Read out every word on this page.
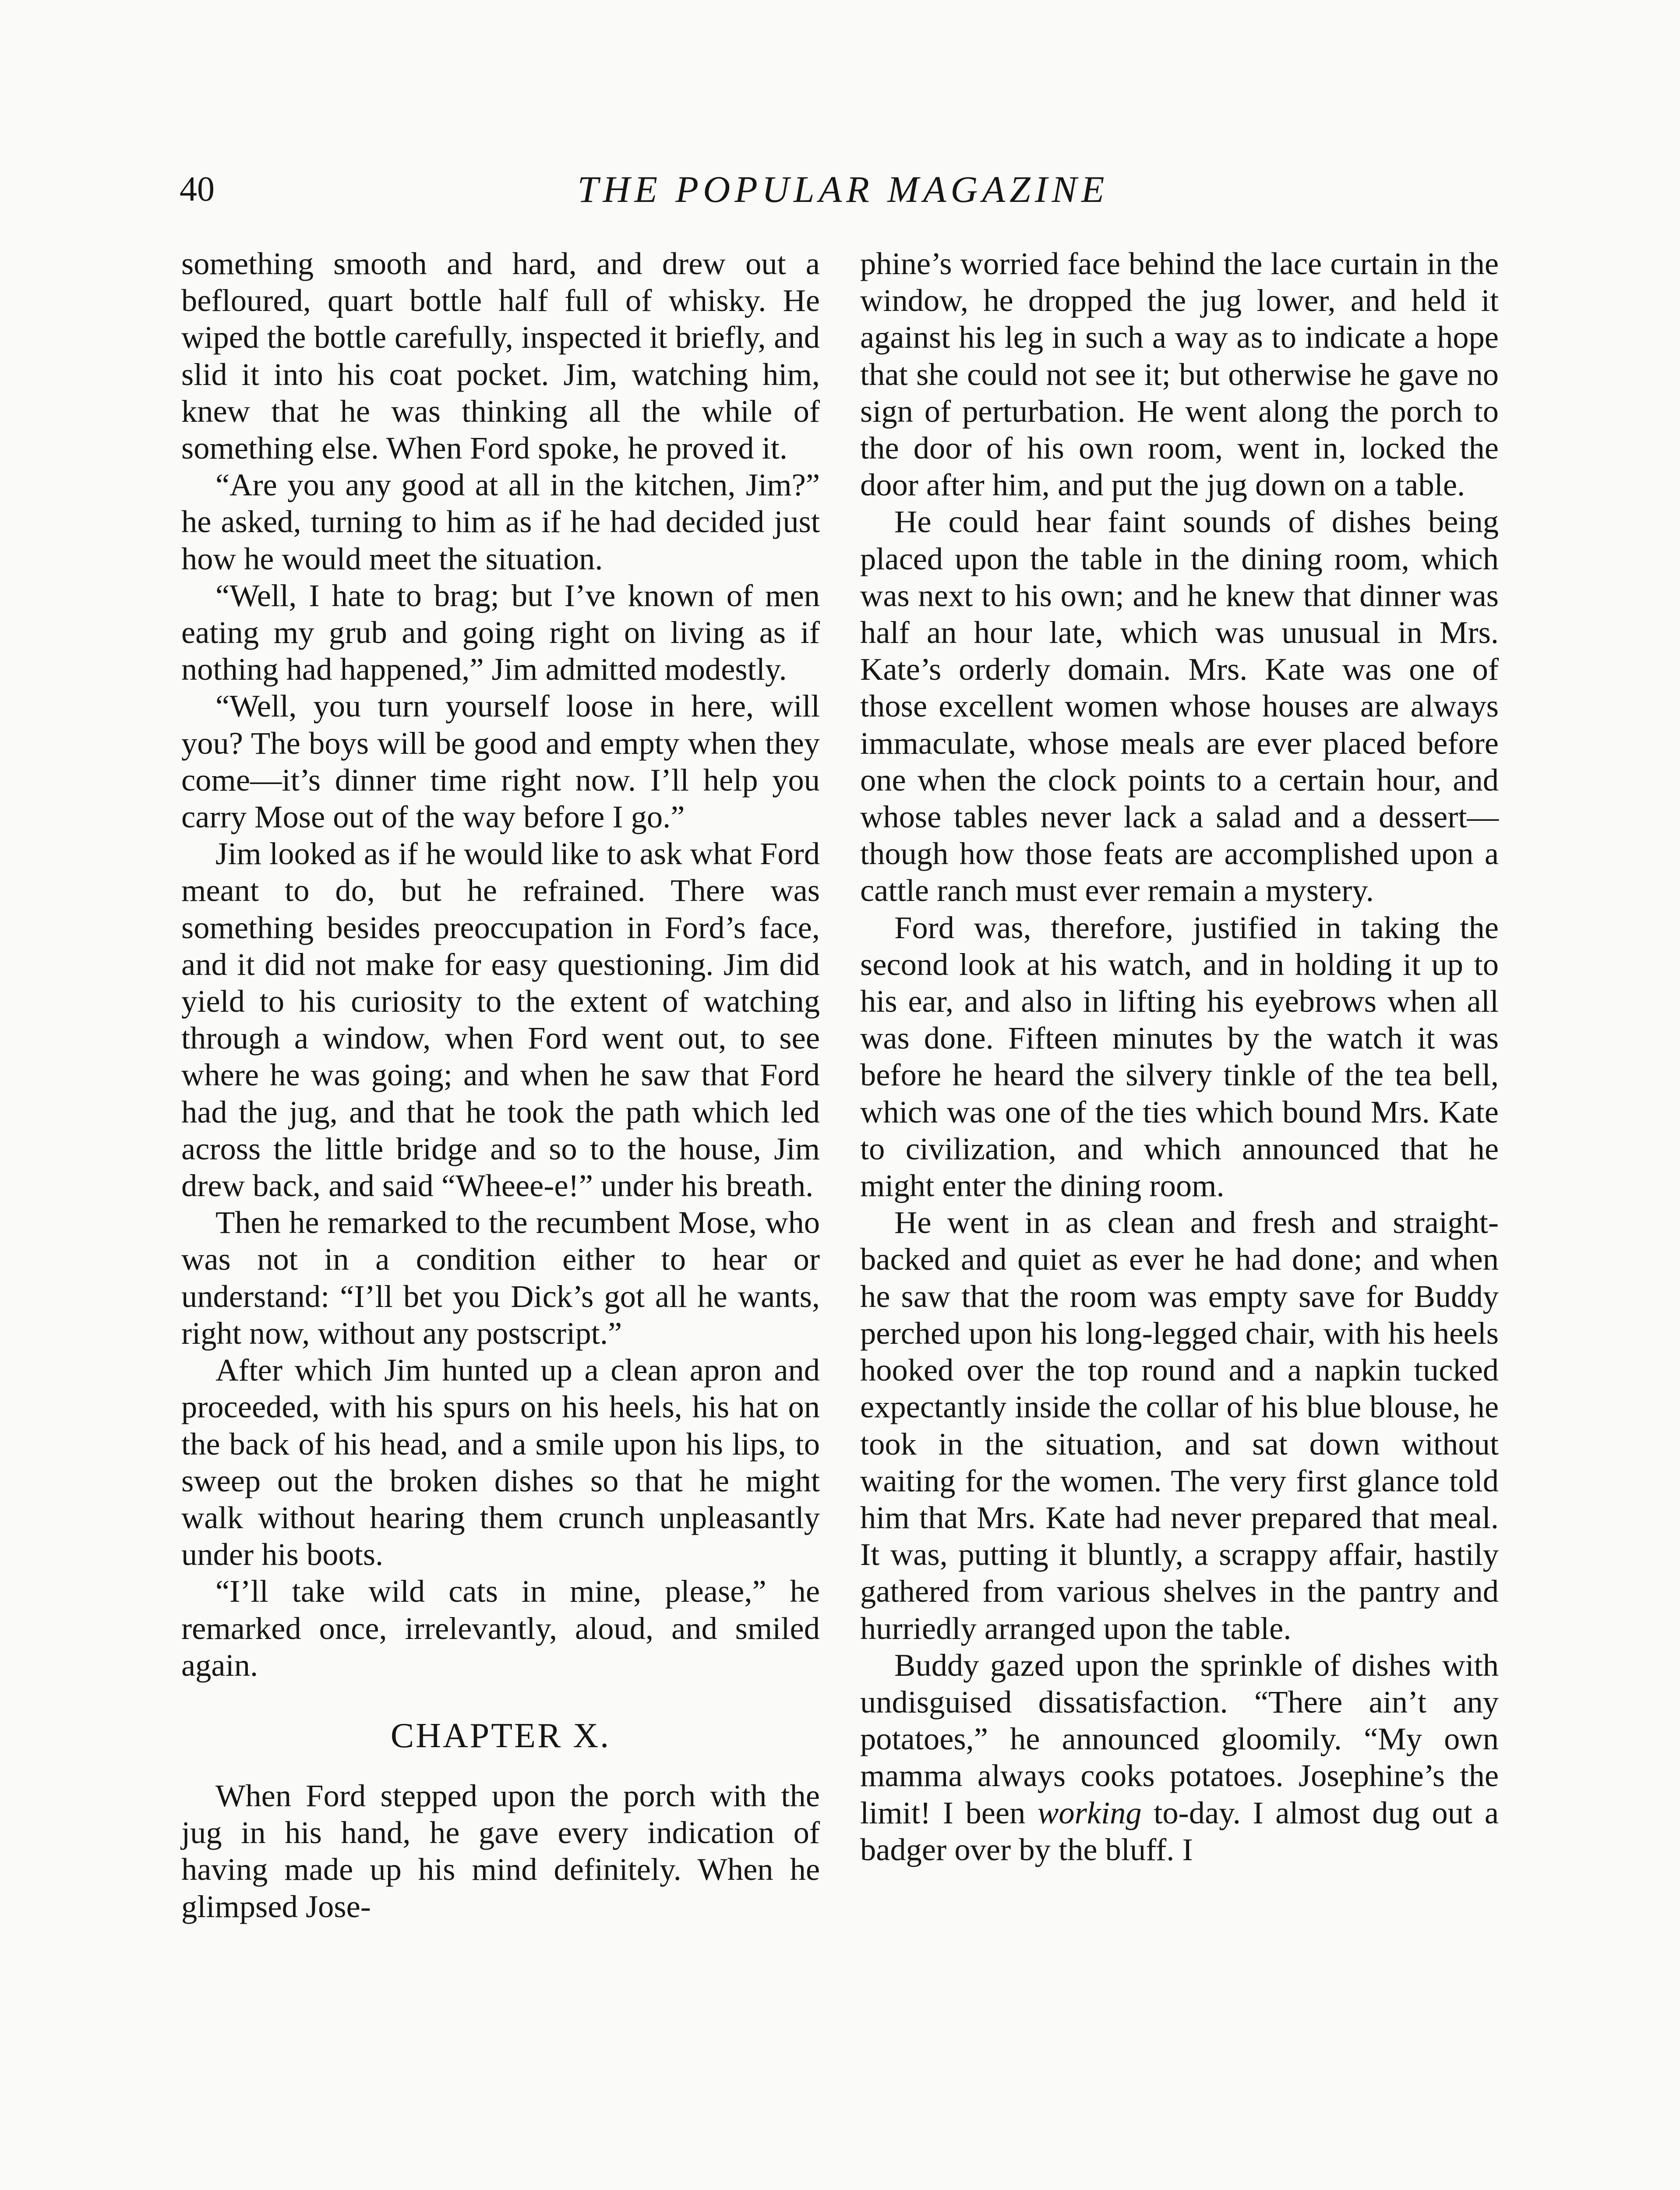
40	THE POPULAR MAGAZINE

something smooth and hard, and drew out a befloured, quart bottle half full of whisky. He wiped the bottle carefully, inspected it briefly, and slid it into his coat pocket. Jim, watching him, knew that he was thinking all the while of something else. When Ford spoke, he proved it.

“Are you any good at all in the kitchen, Jim?” he asked, turning to him as if he had decided just how he would meet the situation.

“Well, I hate to brag; but I’ve known of men eating my grub and going right on living as if nothing had happened,” Jim admitted modestly.

“Well, you turn yourself loose in here, will you? The boys will be good and empty when they come—it’s dinner time right now. I’ll help you carry Mose out of the way before I go.”

Jim looked as if he would like to ask what Ford meant to do, but he refrained. There was something besides preoccupation in Ford’s face, and it did not make for easy questioning. Jim did yield to his curiosity to the extent of watching through a window, when Ford went out, to see where he was going; and when he saw that Ford had the jug, and that he took the path which led across the little bridge and so to the house, Jim drew back, and said “Wheee-e!” under his breath.

Then he remarked to the recumbent Mose, who was not in a condition either to hear or understand: “I’ll bet you Dick’s got all he wants, right now, without any postscript.”

After which Jim hunted up a clean apron and proceeded, with his spurs on his heels, his hat on the back of his head, and a smile upon his lips, to sweep out the broken dishes so that he might walk without hearing them crunch unpleasantly under his boots.

“I’ll take wild cats in mine, please,” he remarked once, irrelevantly, aloud, and smiled again.

CHAPTER X.

When Ford stepped upon the porch with the jug in his hand, he gave every indication of having made up his mind definitely. When he glimpsed Jose-

phine’s worried face behind the lace curtain in the window, he dropped the jug lower, and held it against his leg in such a way as to indicate a hope that she could not see it; but otherwise he gave no sign of perturbation. He went along the porch to the door of his own room, went in, locked the door after him, and put the jug down on a table.

He could hear faint sounds of dishes being placed upon the table in the dining room, which was next to his own; and he knew that dinner was half an hour late, which was unusual in Mrs. Kate’s orderly domain. Mrs. Kate was one of those excellent women whose houses are always immaculate, whose meals are ever placed before one when the clock points to a certain hour, and whose tables never lack a salad and a dessert—though how those feats are accomplished upon a cattle ranch must ever remain a mystery.

Ford was, therefore, justified in taking the second look at his watch, and in holding it up to his ear, and also in lifting his eyebrows when all was done. Fifteen minutes by the watch it was before he heard the silvery tinkle of the tea bell, which was one of the ties which bound Mrs. Kate to civilization, and which announced that he might enter the dining room.

He went in as clean and fresh and straight-backed and quiet as ever he had done; and when he saw that the room was empty save for Buddy perched upon his long-legged chair, with his heels hooked over the top round and a napkin tucked expectantly inside the collar of his blue blouse, he took in the situation, and sat down without waiting for the women. The very first glance told him that Mrs. Kate had never prepared that meal. It was, putting it bluntly, a scrappy affair, hastily gathered from various shelves in the pantry and hurriedly arranged upon the table.

Buddy gazed upon the sprinkle of dishes with undisguised dissatisfaction. “There ain’t any potatoes,” he announced gloomily. “My own mamma always cooks potatoes. Josephine’s the limit! I been working to-day. I almost dug out a badger over by the bluff. I
